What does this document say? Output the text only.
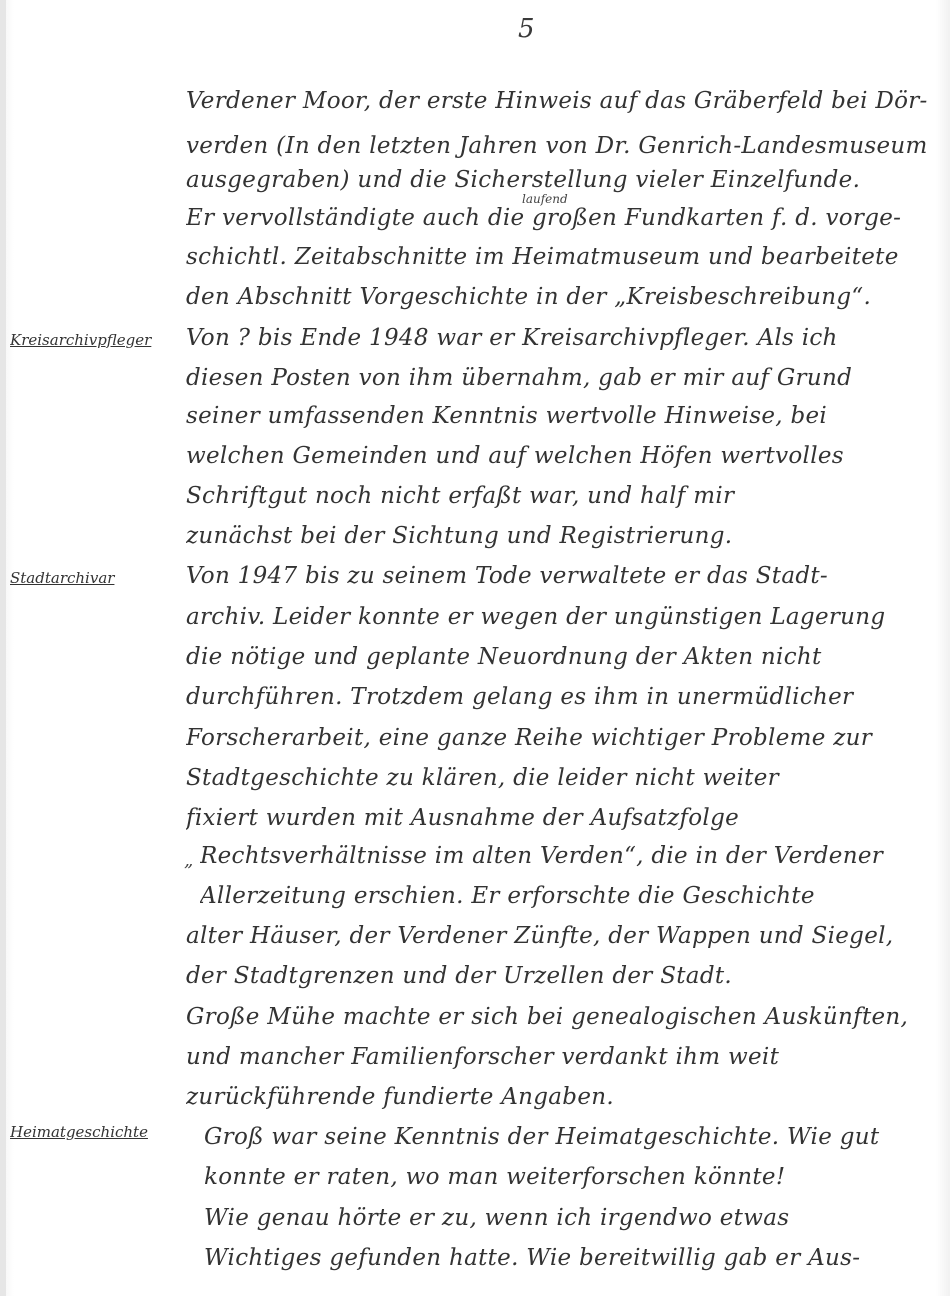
5
laufend
Kreisarchivpfleger
Stadtarchivar
Heimatgeschichte
„
Verdener Moor, der erste Hinweis auf das Gräberfeld bei Dör-
verden (In den letzten Jahren von Dr. Genrich-Landesmuseum
ausgegraben) und die Sicherstellung vieler Einzelfunde.
Er vervollständigte auch die großen Fundkarten f. d. vorge-
schichtl. Zeitabschnitte im Heimatmuseum und bearbeitete
den Abschnitt Vorgeschichte in der „Kreisbeschreibung“.
Von ? bis Ende 1948 war er Kreisarchivpfleger. Als ich
diesen Posten von ihm übernahm, gab er mir auf Grund
seiner umfassenden Kenntnis wertvolle Hinweise, bei
welchen Gemeinden und auf welchen Höfen wertvolles
Schriftgut noch nicht erfaßt war, und half mir
zunächst bei der Sichtung und Registrierung.
Von 1947 bis zu seinem Tode verwaltete er das Stadt-
archiv. Leider konnte er wegen der ungünstigen Lagerung
die nötige und geplante Neuordnung der Akten nicht
durchführen. Trotzdem gelang es ihm in unermüdlicher
Forscherarbeit, eine ganze Reihe wichtiger Probleme zur
Stadtgeschichte zu klären, die leider nicht weiter
fixiert wurden mit Ausnahme der Aufsatzfolge
Rechtsverhältnisse im alten Verden“, die in der Verdener
Allerzeitung erschien. Er erforschte die Geschichte
alter Häuser, der Verdener Zünfte, der Wappen und Siegel,
der Stadtgrenzen und der Urzellen der Stadt.
Große Mühe machte er sich bei genealogischen Auskünften,
und mancher Familienforscher verdankt ihm weit
zurückführende fundierte Angaben.
Groß war seine Kenntnis der Heimatgeschichte. Wie gut
konnte er raten, wo man weiterforschen könnte!
Wie genau hörte er zu, wenn ich irgendwo etwas
Wichtiges gefunden hatte. Wie bereitwillig gab er Aus-
